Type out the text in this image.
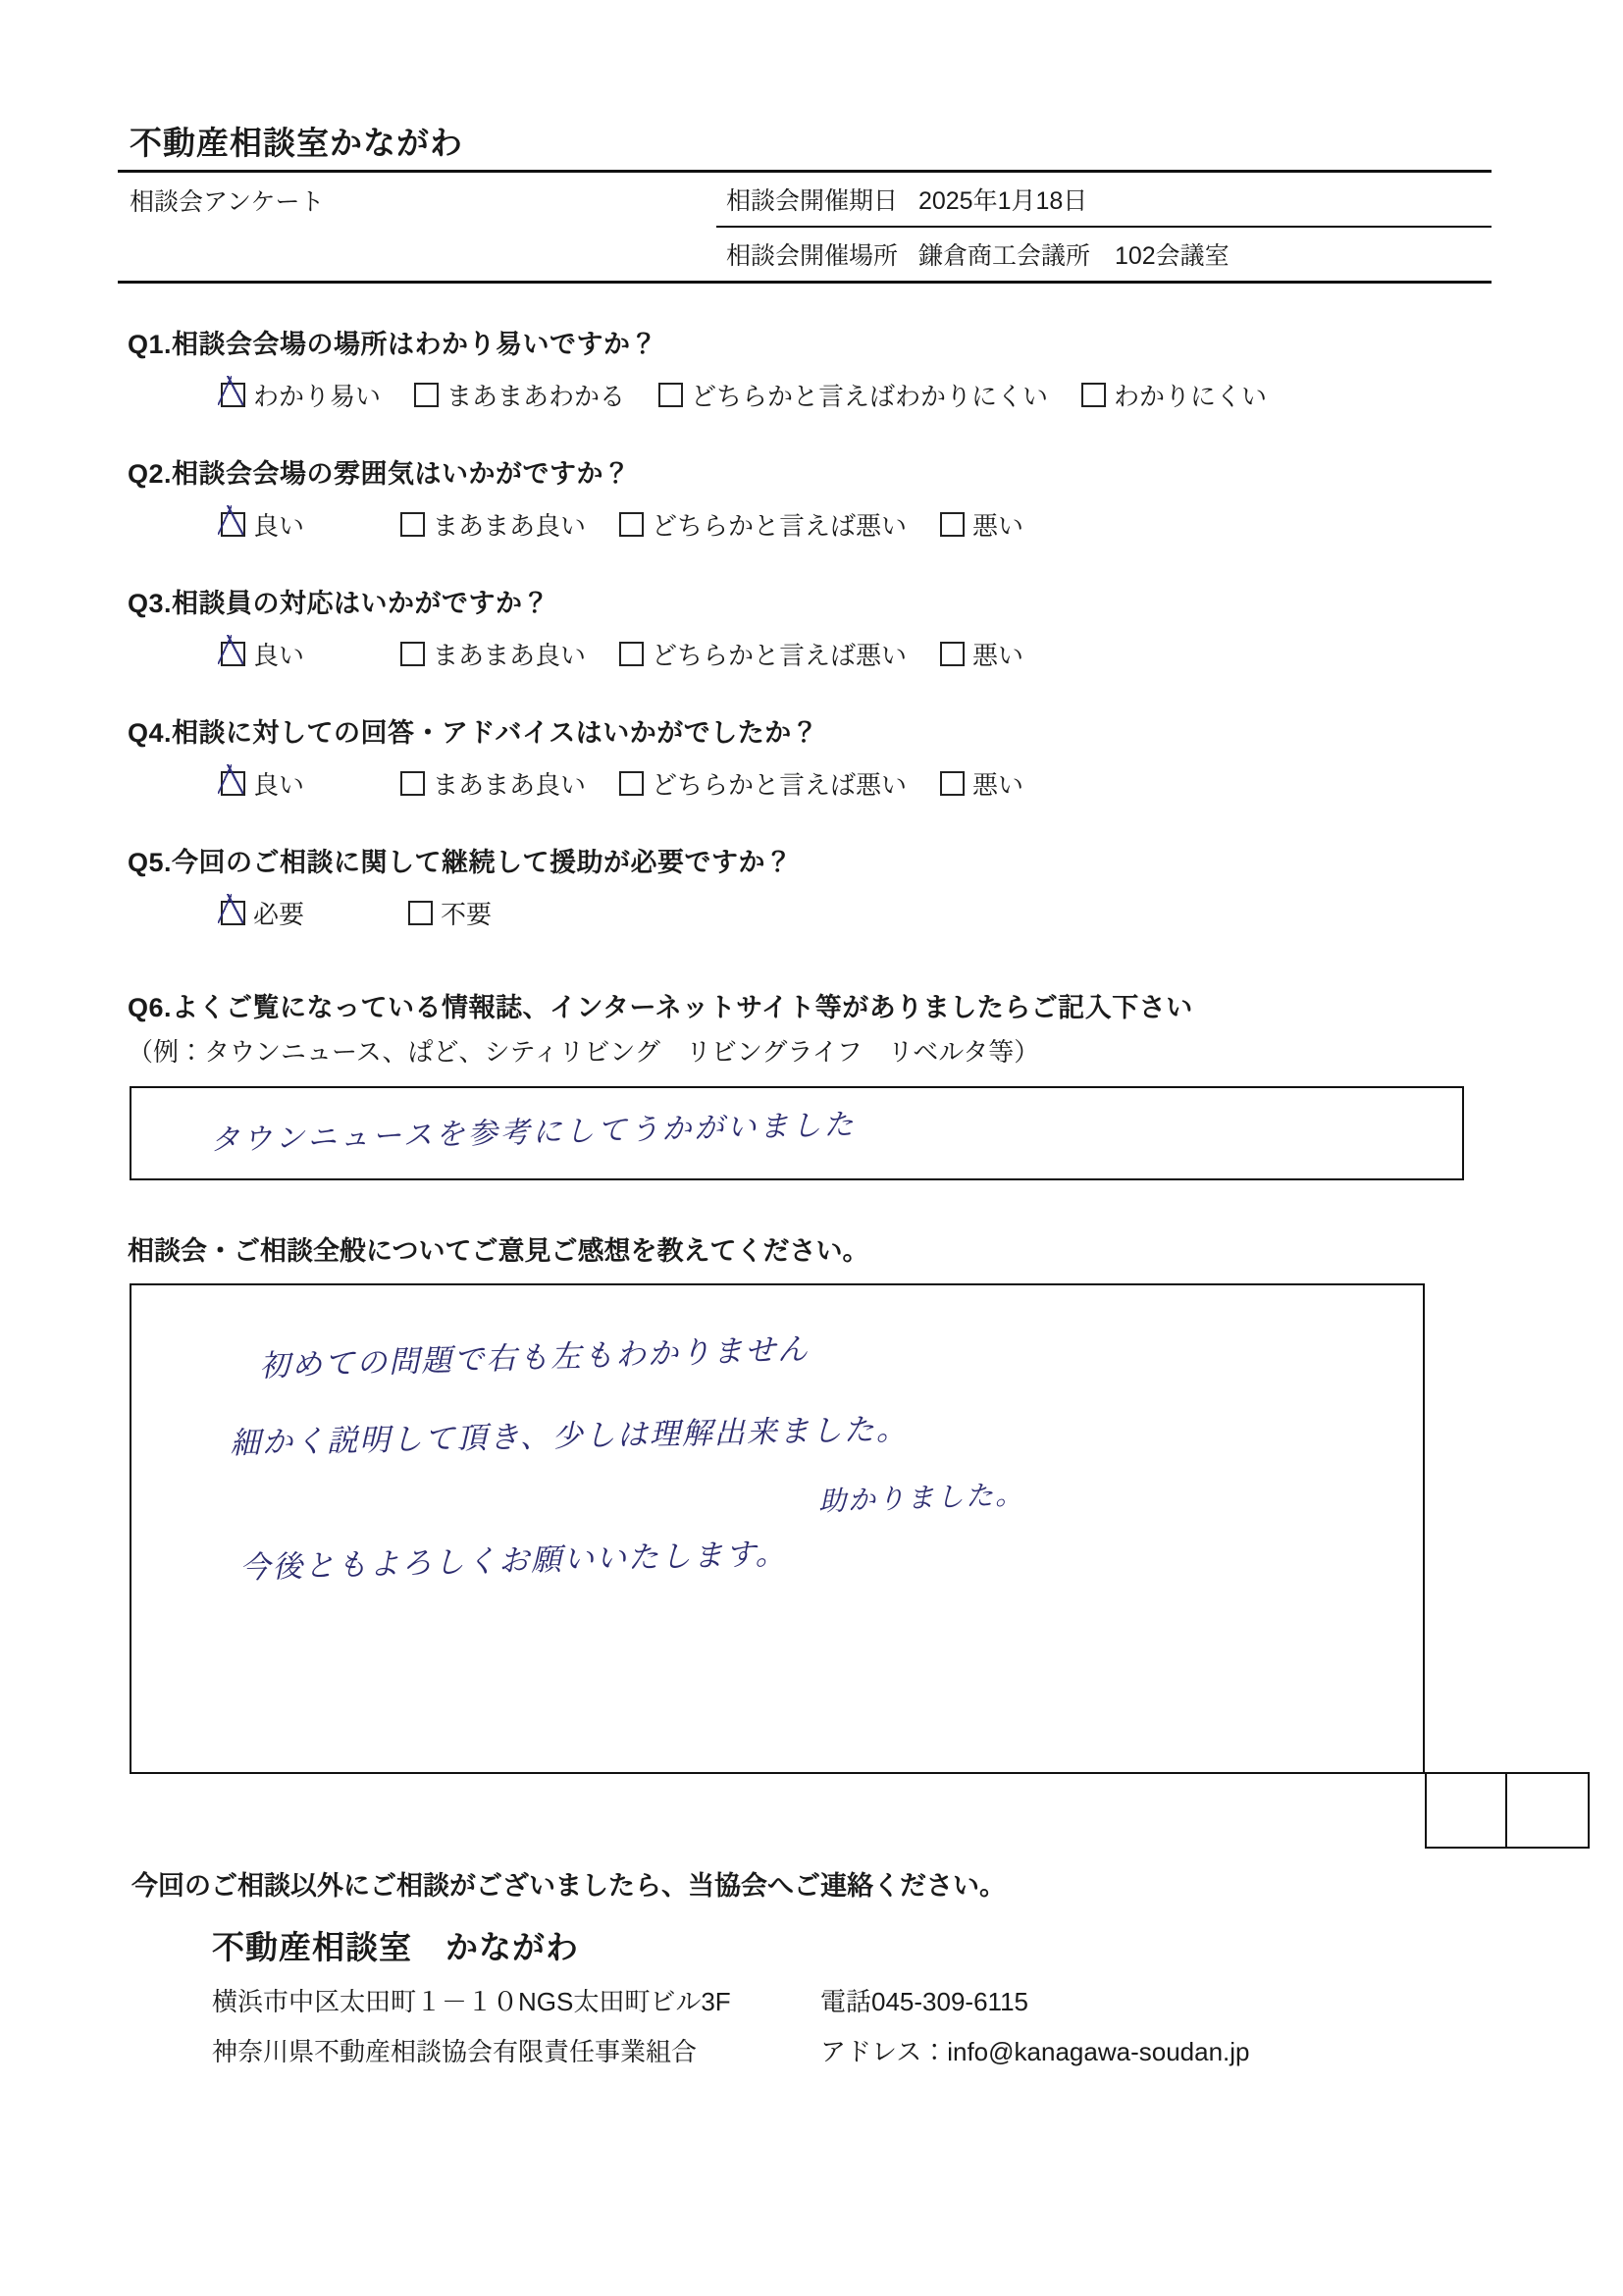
不動産相談室かながわ
相談会アンケート	相談会開催期日 2025年1月18日
相談会開催場所 鎌倉商工会議所　102会議室
Q1.相談会会場の場所はわかり易いですか？
わかり易い	まあまあわかる	どちらかと言えばわかりにくい	わかりにくい
Q2.相談会会場の雰囲気はいかがですか？
良い	まあまあ良い	どちらかと言えば悪い	悪い
Q3.相談員の対応はいかがですか？
良い	まあまあ良い	どちらかと言えば悪い	悪い
Q4.相談に対しての回答・アドバイスはいかがでしたか？
良い	まあまあ良い	どちらかと言えば悪い	悪い
Q5.今回のご相談に関して継続して援助が必要ですか？
必要	不要
Q6.よくご覧になっている情報誌、インターネットサイト等がありましたらご記入下さい
（例：タウンニュース、ぱど、シティリビング　リビングライフ　リベルタ等）
タウンニュースを参考にしてうかがいました
相談会・ご相談全般についてご意見ご感想を教えてください。
初めての問題で右も左もわかりません
細かく説明して頂き、少しは理解出来ました。
助かりました。
今後ともよろしくお願いいたします。
今回のご相談以外にご相談がございましたら、当協会へご連絡ください。
不動産相談室　かながわ
横浜市中区太田町１－１０NGS太田町ビル3F	電話045-309-6115
神奈川県不動産相談協会有限責任事業組合	アドレス：info@kanagawa-soudan.jp
